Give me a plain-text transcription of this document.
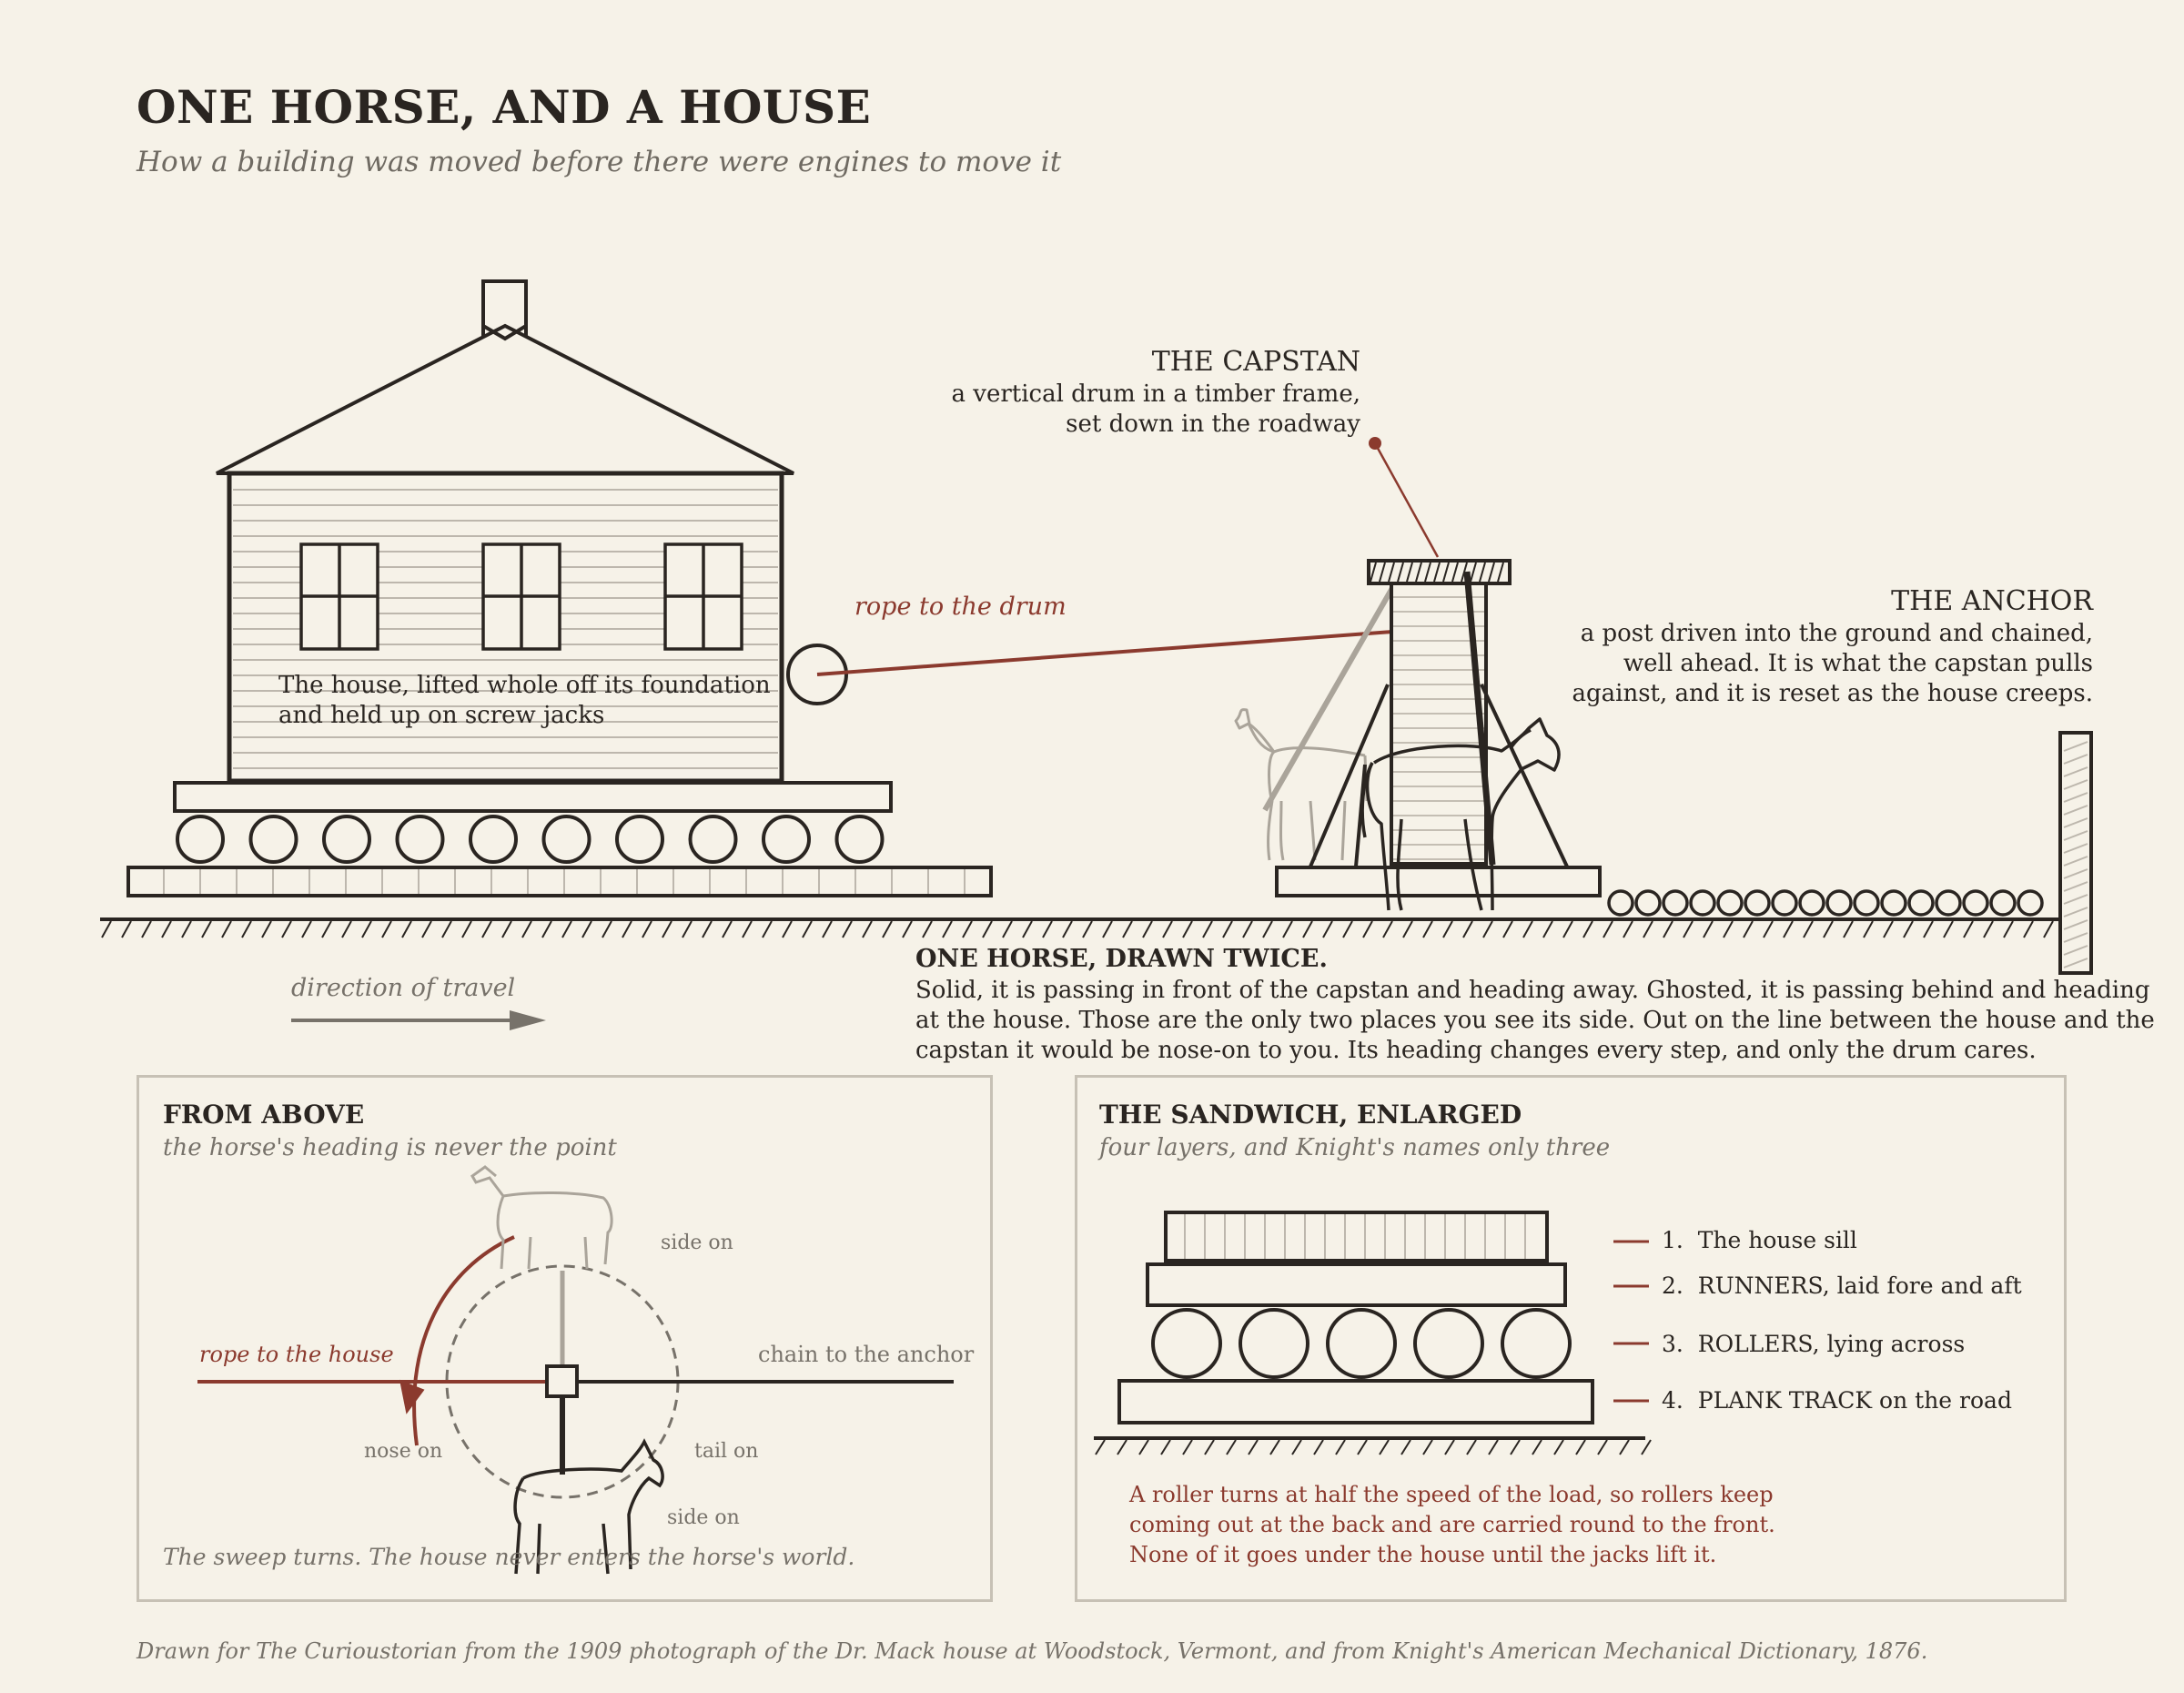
ONE HORSE, AND A HOUSE
How a building was moved before there were engines to move it
The house, lifted whole off its foundation
and held up on screw jacks
rope to the drum
THE CAPSTAN
a vertical drum in a timber frame,
set down in the roadway
THE ANCHOR
a post driven into the ground and chained,
well ahead. It is what the capstan pulls
against, and it is reset as the house creeps.
direction of travel
ONE HORSE, DRAWN TWICE.
Solid, it is passing in front of the capstan and heading away. Ghosted, it is passing behind and heading
at the house. Those are the only two places you see its side. Out on the line between the house and the
capstan it would be nose-on to you. Its heading changes every step, and only the drum cares.
FROM ABOVE
the horse's heading is never the point
side on
rope to the house	chain to the anchor
nose on	tail on
side on
The sweep turns. The house never enters the horse's world.
THE SANDWICH, ENLARGED
four layers, and Knight's names only three
1. The house sill
2. RUNNERS, laid fore and aft
3. ROLLERS, lying across
4. PLANK TRACK on the road
A roller turns at half the speed of the load, so rollers keep
coming out at the back and are carried round to the front.
None of it goes under the house until the jacks lift it.
Drawn for The Curioustorian from the 1909 photograph of the Dr. Mack house at Woodstock, Vermont, and from Knight's American Mechanical Dictionary, 1876.
